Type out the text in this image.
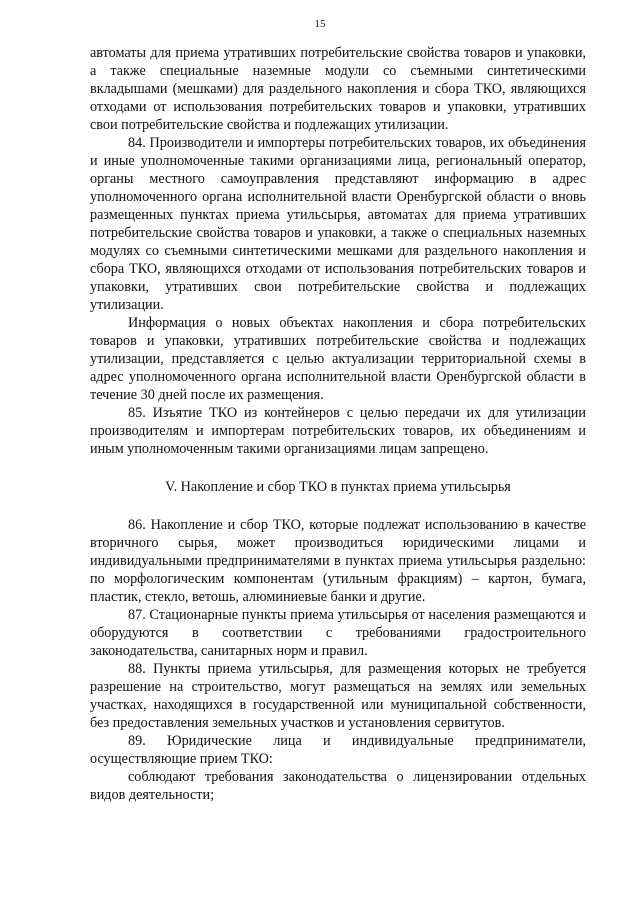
15

автоматы для приема утративших потребительские свойства товаров и упаковки, а также специальные наземные модули со съемными синтетическими вкладышами (мешками) для раздельного накопления и сбора ТКО, являющихся отходами от использования потребительских товаров и упаковки, утративших свои потребительские свойства и подлежащих утилизации.

84. Производители и импортеры потребительских товаров, их объединения и иные уполномоченные такими организациями лица, региональный оператор, органы местного самоуправления представляют информацию в адрес уполномоченного органа исполнительной власти Оренбургской области о вновь размещенных пунктах приема утильсырья, автоматах для приема утративших потребительские свойства товаров и упаковки, а также о специальных наземных модулях со съемными синтетическими мешками для раздельного накопления и сбора ТКО, являющихся отходами от использования потребительских товаров и упаковки, утративших свои потребительские свойства и подлежащих утилизации.

Информация о новых объектах накопления и сбора потребительских товаров и упаковки, утративших потребительские свойства и подлежащих утилизации, представляется с целью актуализации территориальной схемы в адрес уполномоченного органа исполнительной власти Оренбургской области в течение 30 дней после их размещения.

85. Изъятие ТКО из контейнеров с целью передачи их для утилизации производителям и импортерам потребительских товаров, их объединениям и иным уполномоченным такими организациями лицам запрещено.

V. Накопление и сбор ТКО в пунктах приема утильсырья

86. Накопление и сбор ТКО, которые подлежат использованию в качестве вторичного сырья, может производиться юридическими лицами и индивидуальными предпринимателями в пунктах приема утильсырья раздельно: по морфологическим компонентам (утильным фракциям) – картон, бумага, пластик, стекло, ветошь, алюминиевые банки и другие.

87. Стационарные пункты приема утильсырья от населения размещаются и оборудуются в соответствии с требованиями градостроительного законодательства, санитарных норм и правил.

88. Пункты приема утильсырья, для размещения которых не требуется разрешение на строительство, могут размещаться на землях или земельных участках, находящихся в государственной или муниципальной собственности, без предоставления земельных участков и установления сервитутов.

89. Юридические лица и индивидуальные предприниматели, осуществляющие прием ТКО:

соблюдают требования законодательства о лицензировании отдельных видов деятельности;
